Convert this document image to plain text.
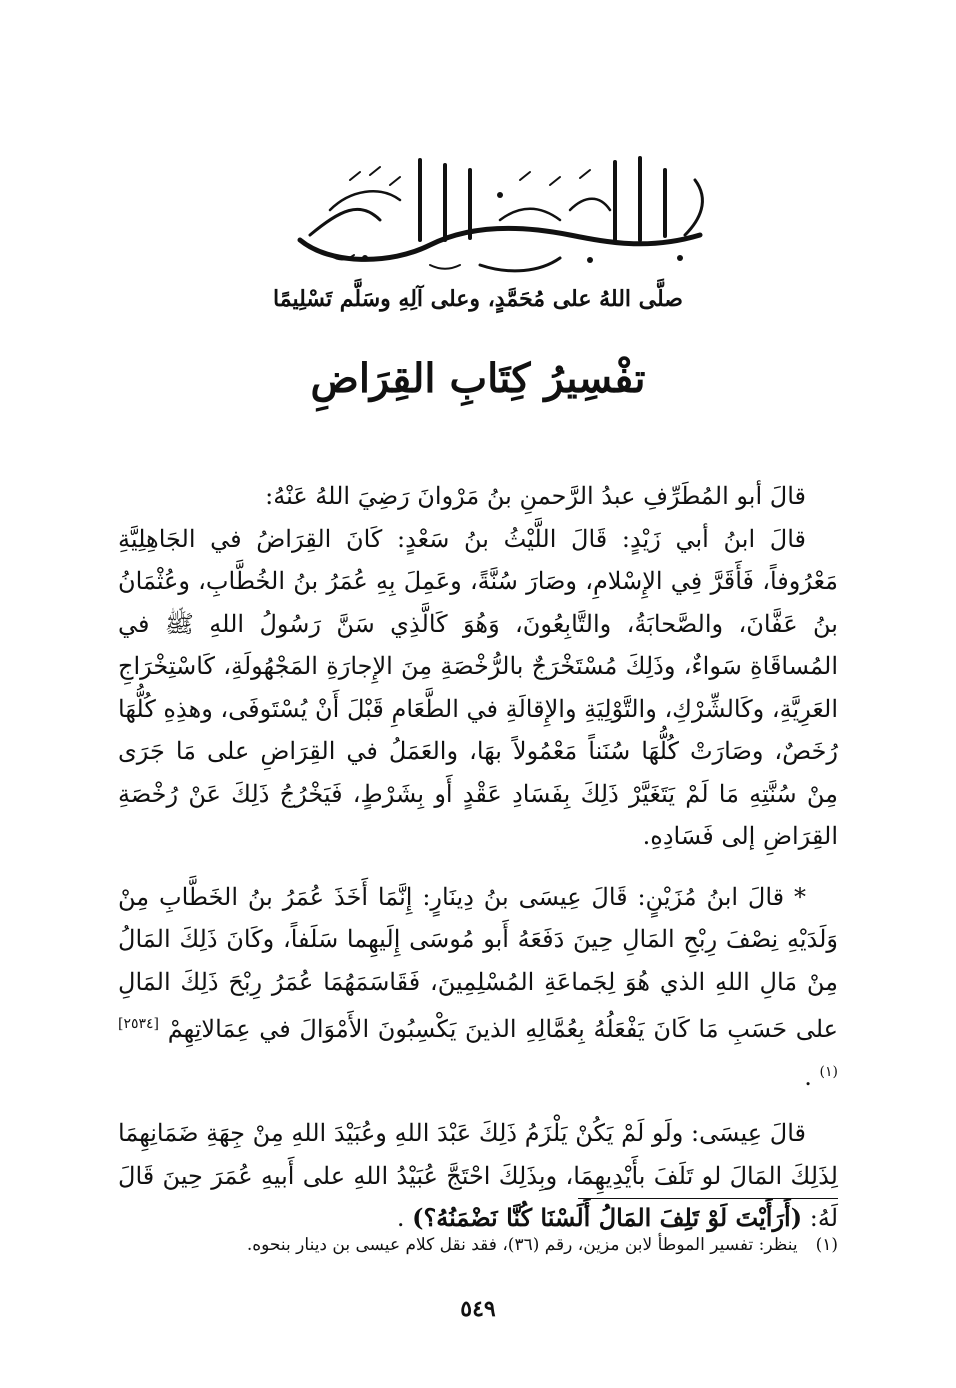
صلَّى اللهُ على مُحَمَّدٍ، وعلى آلِهِ وسَلَّم تَسْلِيمًا
تفْسِيرُ كِتَابِ القِرَاضِ

قالَ أبو المُطَرِّفِ عبدُ الرَّحمنِ بنُ مَرْوانَ رَضِيَ اللهُ عَنْهُ:

قالَ ابنُ أبي زَيْدٍ: قَالَ اللَّيْثُ بنُ سَعْدٍ: كَانَ القِرَاضُ في الجَاهِلِيَّةِ مَعْرُوفاً، فَأَقَرَّ فِي الإِسْلامِ، وصَارَ سُنَّةً، وعَمِلَ بِهِ عُمَرُ بنُ الخُطَّابِ، وعُثْمَانُ بنُ عَفَّانَ، والصَّحابَةُ، والتَّابِعُونَ، وَهُوَ كَالَّذِي سَنَّ رَسُولُ اللهِ ﷺ في المُساقَاةِ سَواءٌ، وذَلِكَ مُسْتَخْرَجٌ بالرُّخْصَةِ مِنَ الإِجارَةِ المَجْهُولَةِ، كَاسْتِخْرَاجِ العَرِيَّةِ، وكَالشِّرْكِ، والتَّوْلِيَةِ والإِقالَةِ في الطَّعَامِ قَبْلَ أَنْ يُسْتَوفَى، وهذِهِ كُلُّهَا رُخَصٌ، وصَارَتْ كُلُّهَا سُنَناً مَعْمُولاً بهَا، والعَمَلُ في القِرَاضِ على مَا جَرَى مِنْ سُنَّتِهِ مَا لَمْ يَتَغَيَّرْ ذَلِكَ بِفَسَادِ عَقْدٍ أَو بِشَرْطٍ، فَيَخْرُجُ ذَلِكَ عَنْ رُخْصَةِ القِرَاضِ إلى فَسَادِهِ.

* قالَ ابنُ مُزَيْنٍ: قَالَ عِيسَى بنُ دِينَارٍ: إِنَّمَا أَخَذَ عُمَرُ بنُ الخَطَّابِ مِنْ وَلَدَيْهِ نِصْفَ رِبْحِ المَالِ حِينَ دَفَعَهُ أَبو مُوسَى إِلَيهِما سَلَفاً، وكَانَ ذَلِكَ المَالُ مِنْ مَالِ اللهِ الذي هُوَ لِجَماعَةِ المُسْلِمِينَ، فَقَاسَمَهُمَا عُمَرُ رِبْحَ ذَلِكَ المَالِ على حَسَبِ مَا كَانَ يَفْعَلُهُ بِعُمَّالِهِ الذينَ يَكْسِبُونَ الأَمْوَالَ في عِمَالاتِهِمْ $^{[٢٥٣٤](١)}$ .

قالَ عِيسَى: ولَو لَمْ يَكُنْ يَلْزَمُ ذَلِكَ عَبْدَ اللهِ وعُبَيْدَ اللهِ مِنْ جِهَةِ ضَمَانِهِمَا لِذَلِكَ المَالَ لو تَلَفَ بأَيْدِيهِمَا، وبِذَلِكَ احْتَجَّ عُبَيْدُ اللهِ على أَبيهِ عُمَرَ حِينَ قَالَ لَهُ: (أَرَأَيْتَ لَوْ تَلِفَ المَالُ أَلَسْنَا كُنَّا نَضْمَنُهُ؟) .

(١)ينظر: تفسير الموطأ لابن مزين، رقم (٣٦)، فقد نقل كلام عيسى بن دينار بنحوه.
٥٤٩
